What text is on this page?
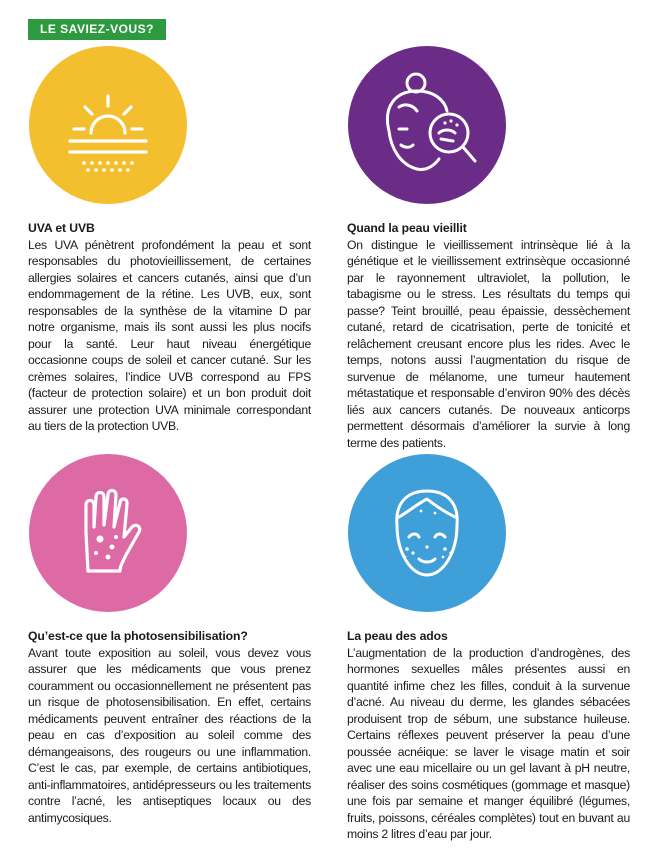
LE SAVIEZ-VOUS?
UVA et UVB

Les UVA pénètrent profondément la peau et sont responsables du photovieillissement, de certaines allergies solaires et cancers cutanés, ainsi que d’un endommagement de la rétine. Les UVB, eux, sont responsables de la synthèse de la vitamine D par notre organisme, mais ils sont aussi les plus nocifs pour la santé. Leur haut niveau énergétique occasionne coups de soleil et cancer cutané. Sur les crèmes solaires, l’indice UVB correspond au FPS (facteur de protection solaire) et un bon produit doit assurer une protection UVA minimale correspondant au tiers de la protection UVB.

Quand la peau vieillit

On distingue le vieillissement intrinsèque lié à la génétique et le vieillissement extrinsèque occasionné par le rayonnement ultraviolet, la pollution, le tabagisme ou le stress. Les résultats du temps qui passe? Teint brouillé, peau épaissie, dessèchement cutané, retard de cicatrisation, perte de tonicité et relâchement creusant encore plus les rides. Avec le temps, notons aussi l’augmentation du risque de survenue de mélanome, une tumeur hautement métastatique et responsable d’environ 90% des décès liés aux cancers cutanés. De nouveaux anticorps permettent désormais d’améliorer la survie à long terme des patients.

Qu’est-ce que la photosensibilisation?

Avant toute exposition au soleil, vous devez vous assurer que les médicaments que vous prenez couramment ou occasionnellement ne présentent pas un risque de photosensibilisation. En effet, certains médicaments peuvent entraîner des réactions de la peau en cas d’exposition au soleil comme des démangeaisons, des rougeurs ou une inflammation. C’est le cas, par exemple, de certains antibiotiques, anti-inflammatoires, antidépresseurs ou les traitements contre l’acné, les antiseptiques locaux ou des antimycosiques.

La peau des ados

L’augmentation de la production d’androgènes, des hormones sexuelles mâles présentes aussi en quantité infime chez les filles, conduit à la survenue d’acné. Au niveau du derme, les glandes sébacées produisent trop de sébum, une substance huileuse. Certains réflexes peuvent préserver la peau d’une poussée acnéique: se laver le visage matin et soir avec une eau micellaire ou un gel lavant à pH neutre, réaliser des soins cosmétiques (gommage et masque) une fois par semaine et manger équilibré (légumes, fruits, poissons, céréales complètes) tout en buvant au moins 2 litres d’eau par jour.
